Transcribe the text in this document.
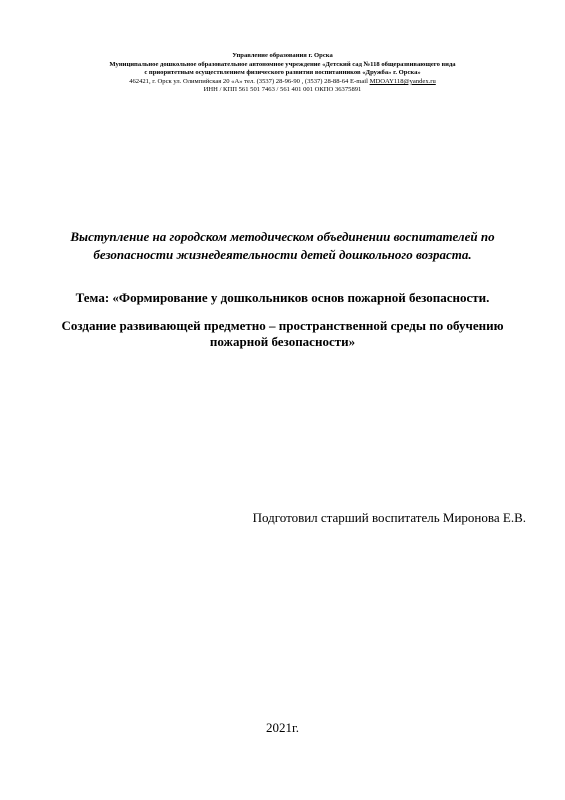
Управление образования г. Орска
Муниципальное дошкольное образовательное автономное учреждение «Детский сад №118 общеразвивающего вида
с приоритетным осуществлением физического развития воспитанников «Дружба» г. Орска»
462421, г. Орск ул. Олимпийская 20 «А» тел. (3537) 28-96-90 , (3537) 28-88-64 E-mail MDOAY118@yandex.ru
ИНН / КПП 561 501 7463 / 561 401 001 ОКПО 36375891
Выступление на городском методическом объединении воспитателей по безопасности жизнедеятельности детей дошкольного возраста.
Тема: «Формирование у дошкольников основ пожарной безопасности.
Создание развивающей предметно – пространственной среды по обучению пожарной безопасности»
Подготовил старший воспитатель Миронова Е.В.
2021г.
